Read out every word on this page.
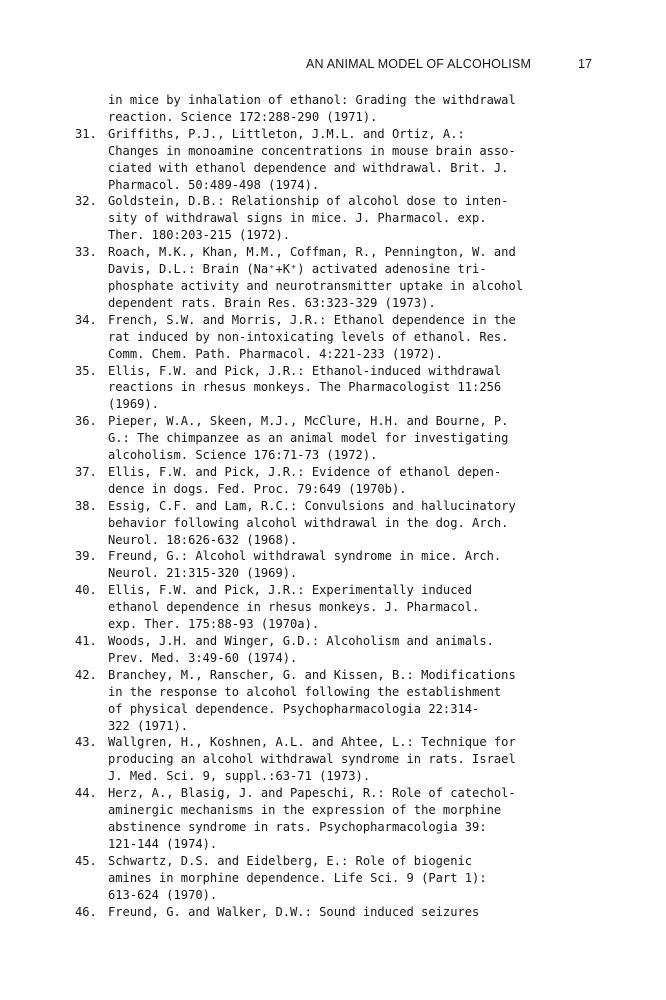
AN ANIMAL MODEL OF ALCOHOLISM	17
in mice by inhalation of ethanol: Grading the withdrawal
reaction. Science 172:288-290 (1971).
31. Griffiths, P.J., Littleton, J.M.L. and Ortiz, A.:
Changes in monoamine concentrations in mouse brain asso-
ciated with ethanol dependence and withdrawal. Brit. J.
Pharmacol. 50:489-498 (1974).
32. Goldstein, D.B.: Relationship of alcohol dose to inten-
sity of withdrawal signs in mice. J. Pharmacol. exp.
Ther. 180:203-215 (1972).
33. Roach, M.K., Khan, M.M., Coffman, R., Pennington, W. and
Davis, D.L.: Brain (Na⁺+K⁺) activated adenosine tri-
phosphate activity and neurotransmitter uptake in alcohol
dependent rats. Brain Res. 63:323-329 (1973).
34. French, S.W. and Morris, J.R.: Ethanol dependence in the
rat induced by non-intoxicating levels of ethanol. Res.
Comm. Chem. Path. Pharmacol. 4:221-233 (1972).
35. Ellis, F.W. and Pick, J.R.: Ethanol-induced withdrawal
reactions in rhesus monkeys. The Pharmacologist 11:256
(1969).
36. Pieper, W.A., Skeen, M.J., McClure, H.H. and Bourne, P.
G.: The chimpanzee as an animal model for investigating
alcoholism. Science 176:71-73 (1972).
37. Ellis, F.W. and Pick, J.R.: Evidence of ethanol depen-
dence in dogs. Fed. Proc. 79:649 (1970b).
38. Essig, C.F. and Lam, R.C.: Convulsions and hallucinatory
behavior following alcohol withdrawal in the dog. Arch.
Neurol. 18:626-632 (1968).
39. Freund, G.: Alcohol withdrawal syndrome in mice. Arch.
Neurol. 21:315-320 (1969).
40. Ellis, F.W. and Pick, J.R.: Experimentally induced
ethanol dependence in rhesus monkeys. J. Pharmacol.
exp. Ther. 175:88-93 (1970a).
41. Woods, J.H. and Winger, G.D.: Alcoholism and animals.
Prev. Med. 3:49-60 (1974).
42. Branchey, M., Ranscher, G. and Kissen, B.: Modifications
in the response to alcohol following the establishment
of physical dependence. Psychopharmacologia 22:314-
322 (1971).
43. Wallgren, H., Koshnen, A.L. and Ahtee, L.: Technique for
producing an alcohol withdrawal syndrome in rats. Israel
J. Med. Sci. 9, suppl.:63-71 (1973).
44. Herz, A., Blasig, J. and Papeschi, R.: Role of catechol-
aminergic mechanisms in the expression of the morphine
abstinence syndrome in rats. Psychopharmacologia 39:
121-144 (1974).
45. Schwartz, D.S. and Eidelberg, E.: Role of biogenic
amines in morphine dependence. Life Sci. 9 (Part 1):
613-624 (1970).
46. Freund, G. and Walker, D.W.: Sound induced seizures
